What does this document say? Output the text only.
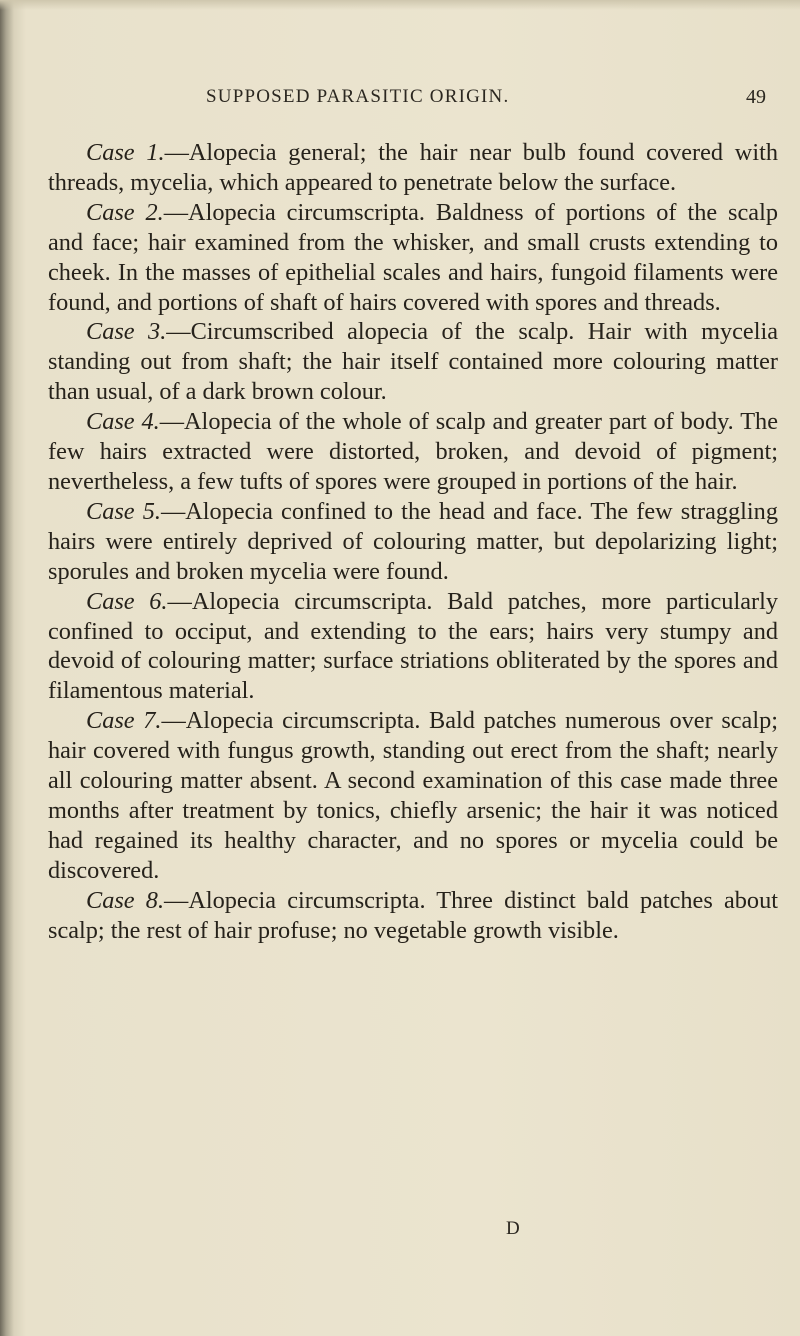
SUPPOSED PARASITIC ORIGIN.	49

Case 1.—Alopecia general; the hair near bulb found covered with threads, mycelia, which appeared to penetrate below the surface.

Case 2.—Alopecia circumscripta. Baldness of portions of the scalp and face; hair examined from the whisker, and small crusts extending to cheek. In the masses of epithelial scales and hairs, fungoid filaments were found, and portions of shaft of hairs covered with spores and threads.

Case 3.—Circumscribed alopecia of the scalp. Hair with mycelia standing out from shaft; the hair itself contained more colouring matter than usual, of a dark brown colour.

Case 4.—Alopecia of the whole of scalp and greater part of body. The few hairs extracted were distorted, broken, and devoid of pigment; nevertheless, a few tufts of spores were grouped in portions of the hair.

Case 5.—Alopecia confined to the head and face. The few straggling hairs were entirely deprived of colouring matter, but depolarizing light; sporules and broken mycelia were found.

Case 6.—Alopecia circumscripta. Bald patches, more particularly confined to occiput, and extending to the ears; hairs very stumpy and devoid of colouring matter; surface striations obliterated by the spores and filamentous material.

Case 7.—Alopecia circumscripta. Bald patches numerous over scalp; hair covered with fungus growth, standing out erect from the shaft; nearly all colouring matter absent. A second examination of this case made three months after treatment by tonics, chiefly arsenic; the hair it was noticed had regained its healthy character, and no spores or mycelia could be discovered.

Case 8.—Alopecia circumscripta. Three distinct bald patches about scalp; the rest of hair profuse; no vegetable growth visible.

D
